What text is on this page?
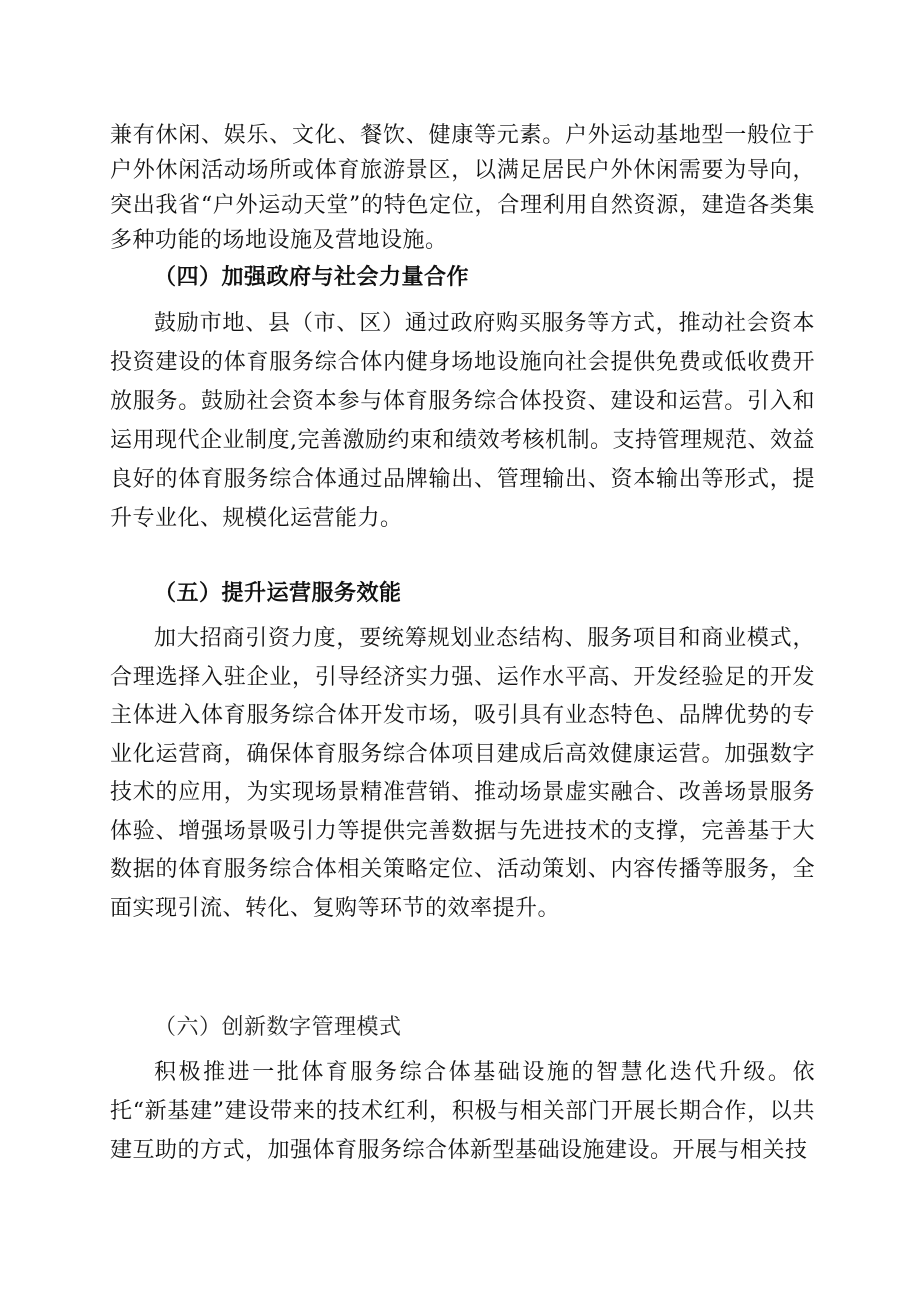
兼有休闲、娱乐、文化、餐饮、健康等元素。户外运动基地型一般位于户外休闲活动场所或体育旅游景区，以满足居民户外休闲需要为导向，突出我省“户外运动天堂”的特色定位，合理利用自然资源，建造各类集多种功能的场地设施及营地设施。

（四）加强政府与社会力量合作

鼓励市地、县（市、区）通过政府购买服务等方式，推动社会资本投资建设的体育服务综合体内健身场地设施向社会提供免费或低收费开放服务。鼓励社会资本参与体育服务综合体投资、建设和运营。引入和运用现代企业制度,完善激励约束和绩效考核机制。支持管理规范、效益良好的体育服务综合体通过品牌输出、管理输出、资本输出等形式，提升专业化、规模化运营能力。

（五）提升运营服务效能

加大招商引资力度，要统筹规划业态结构、服务项目和商业模式，合理选择入驻企业，引导经济实力强、运作水平高、开发经验足的开发主体进入体育服务综合体开发市场，吸引具有业态特色、品牌优势的专业化运营商，确保体育服务综合体项目建成后高效健康运营。加强数字技术的应用，为实现场景精准营销、推动场景虚实融合、改善场景服务体验、增强场景吸引力等提供完善数据与先进技术的支撑，完善基于大数据的体育服务综合体相关策略定位、活动策划、内容传播等服务，全面实现引流、转化、复购等环节的效率提升。

（六）创新数字管理模式

积极推进一批体育服务综合体基础设施的智慧化迭代升级。依托“新基建”建设带来的技术红利，积极与相关部门开展长期合作，以共建互助的方式，加强体育服务综合体新型基础设施建设。开展与相关技
